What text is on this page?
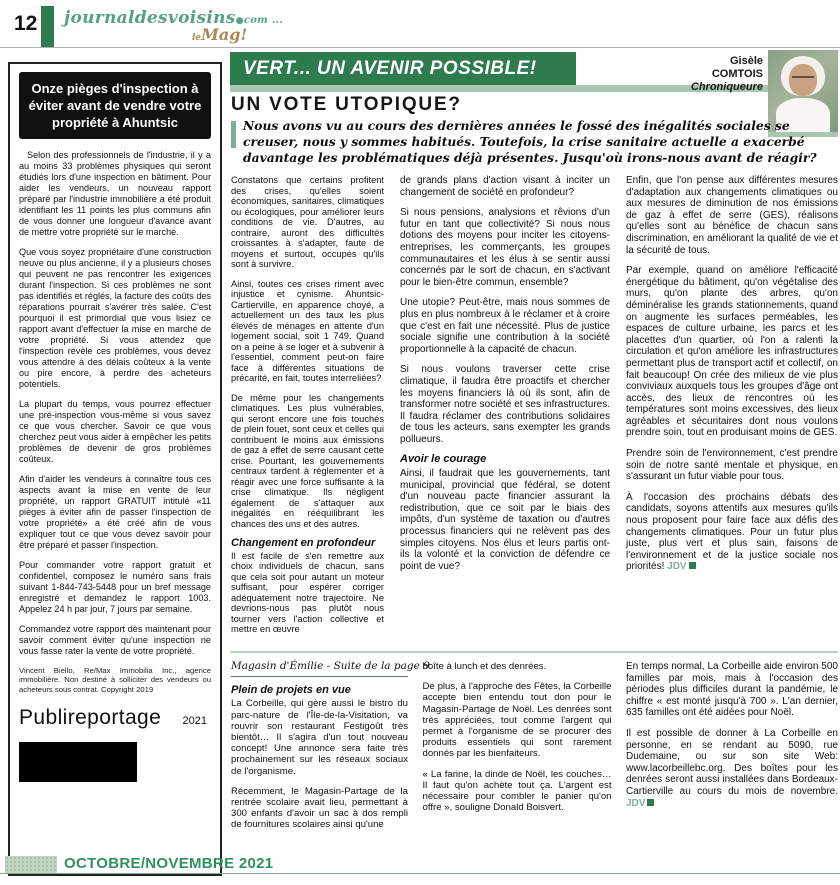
12 journaldesvoisins●com ...
leMag!
Onze pièges d'inspection à éviter avant de vendre votre propriété à Ahuntsic

Selon des professionnels de l'industrie, il y a au moins 33 problèmes physiques qui seront étudiés lors d'une inspection en bâtiment. Pour aider les vendeurs, un nouveau rapport préparé par l'industrie immobilière a été produit identifiant les 11 points les plus communs afin de vous donner une longueur d'avance avant de mettre votre propriété sur le marché.

Que vous soyez propriétaire d'une construction neuve ou plus ancienne, il y a plusieurs choses qui peuvent ne pas rencontrer les exigences durant l'inspection. Si ces problèmes ne sont pas identifiés et réglés, la facture des coûts des réparations pourrait s'avérer très salée. C'est pourquoi il est primordial que vous lisiez ce rapport avant d'effectuer la mise en marché de votre propriété. Si vous attendez que l'inspection révèle ces problèmes, vous devez vous attendre à des délais coûteux à la vente ou pire encore, à perdre des acheteurs potentiels.

La plupart du temps, vous pourrez effectuer une pré-inspection vous-même si vous savez ce que vous chercher. Savoir ce que vous cherchez peut vous aider à empêcher les petits problèmes de devenir de gros problèmes coûteux.

Afin d'aider les vendeurs à connaître tous ces aspects avant la mise en vente de leur propriété, un rapport GRATUIT intitulé «11 pièges à éviter afin de passer l'inspection de votre propriété» a été créé afin de vous expliquer tout ce que vous devez savoir pour être préparé et passer l'inspection.

Pour commander votre rapport gratuit et confidentiel, composez le numéro sans frais suivant 1-844-743-5448 pour un bref message enregistré et demandez le rapport 1003. Appelez 24 h par jour, 7 jours par semaine.

Commandez votre rapport dès maintenant pour savoir comment éviter qu'une inspection ne vous fasse rater la vente de votre propriété.

Vincent Biello, Re/Max Immobilia Inc., agence immobilière. Non destiné à solliciter des vendeurs ou acheteurs sous contrat. Copyright 2019

Publireportage 2021
VERT... UN AVENIR POSSIBLE!	Gisèle
COMTOIS
Chroniqueure
UN VOTE UTOPIQUE?
Nous avons vu au cours des dernières années le fossé des inégalités sociales se creuser, nous y sommes habitués. Toutefois, la crise sanitaire actuelle a exacerbé davantage les problématiques déjà présentes. Jusqu'où irons-nous avant de réagir?

Constatons que certains profitent des crises, qu'elles soient économiques, sanitaires, climatiques ou écologiques, pour améliorer leurs conditions de vie. D'autres, au contraire, auront des difficultés croissantes à s'adapter, faute de moyens et surtout, occupés qu'ils sont à survivre.

Ainsi, toutes ces crises riment avec injustice et cynisme. Ahuntsic-Cartierville, en apparence choyé, a actuellement un des taux les plus élevés de ménages en attente d'un logement social, soit 1 749. Quand on a peine à se loger et à subvenir à l'essentiel, comment peut-on faire face à différentes situations de précarité, en fait, toutes interreliées?

De même pour les changements climatiques. Les plus vulnérables, qui seront encore une fois touchés de plein fouet, sont ceux et celles qui contribuent le moins aux émissions de gaz à effet de serre causant cette crise. Pourtant, les gouvernements centraux tardent à réglementer et à réagir avec une force suffisante à la crise climatique. Ils négligent également de s'attaquer aux inégalités en rééquilibrant les chances des uns et des autres.

Changement en profondeur

Il est facile de s'en remettre aux choix individuels de chacun, sans que cela soit pour autant un moteur suffisant, pour espérer corriger adéquatement notre trajectoire. Ne devrions-nous pas plutôt nous tourner vers l'action collective et mettre en œuvre

de grands plans d'action visant à inciter un changement de société en profondeur?

Si nous pensions, analysions et rêvions d'un futur en tant que collectivité? Si nous nous dotions des moyens pour inciter les citoyens-entreprises, les commerçants, les groupes communautaires et les élus à se sentir aussi concernés par le sort de chacun, en s'activant pour le bien-être commun, ensemble?

Une utopie? Peut-être, mais nous sommes de plus en plus nombreux à le réclamer et à croire que c'est en fait une nécessité. Plus de justice sociale signifie une contribution à la société proportionnelle à la capacité de chacun.

Si nous voulons traverser cette crise climatique, il faudra être proactifs et chercher les moyens financiers là où ils sont, afin de transformer notre société et ses infrastructures. Il faudra réclamer des contributions solidaires de tous les acteurs, sans exempter les grands pollueurs.

Avoir le courage

Ainsi, il faudrait que les gouvernements, tant municipal, provincial que fédéral, se dotent d'un nouveau pacte financier assurant la redistribution, que ce soit par le biais des impôts, d'un système de taxation ou d'autres processus financiers qui ne relèvent pas des simples citoyens. Nos élus et leurs partis ont-ils la volonté et la conviction de défendre ce point de vue?

Enfin, que l'on pense aux différentes mesures d'adaptation aux changements climatiques ou aux mesures de diminution de nos émissions de gaz à effet de serre (GES), réalisons qu'elles sont au bénéfice de chacun sans discrimination, en améliorant la qualité de vie et la sécurité de tous.

Par exemple, quand on améliore l'efficacité énergétique du bâtiment, qu'on végétalise des murs, qu'on plante des arbres, qu'on déminéralise les grands stationnements, quand on augmente les surfaces perméables, les espaces de culture urbaine, les parcs et les placettes d'un quartier, où l'on a ralenti la circulation et qu'on améliore les infrastructures permettant plus de transport actif et collectif, on fait beaucoup! On crée des milieux de vie plus conviviaux auxquels tous les groupes d'âge ont accès, des lieux de rencontres où les températures sont moins excessives, des lieux agréables et sécuritaires dont nous voulons prendre soin, tout en produisant moins de GES.

Prendre soin de l'environnement, c'est prendre soin de notre santé mentale et physique, en s'assurant un futur viable pour tous.

À l'occasion des prochains débats des candidats, soyons attentifs aux mesures qu'ils nous proposent pour faire face aux défis des changements climatiques. Pour un futur plus juste, plus vert et plus sain, faisons de l'environnement et de la justice sociale nos priorités! JDV

Magasin d'Émilie - Suite de la page 9
Plein de projets en vue

La Corbeille, qui gère aussi le bistro du parc-nature de l'Île-de-la-Visitation, va rouvrir son restaurant Festigoût très bientôt… Il s'agira d'un tout nouveau concept! Une annonce sera faite très prochainement sur les réseaux sociaux de l'organisme.

Récemment, le Magasin-Partage de la rentrée scolaire avait lieu, permettant à 300 enfants d'avoir un sac à dos rempli de fournitures scolaires ainsi qu'une

boîte à lunch et des denrées.

De plus, à l'approche des Fêtes, la Corbeille accepte bien entendu tout don pour le Magasin-Partage de Noël. Les denrées sont très appréciées, tout comme l'argent qui permet à l'organisme de se procurer des produits essentiels qui sont rarement donnés par les bienfaiteurs.

« La farine, la dinde de Noël, les couches… Il faut qu'on achète tout ça. L'argent est nécessaire pour combler le panier qu'on offre », souligne Donald Boisvert.

En temps normal, La Corbeille aide environ 500 familles par mois, mais à l'occasion des périodes plus difficiles durant la pandémie, le chiffre « est monté jusqu'à 700 ». L'an dernier, 635 familles ont été aidées pour Noël.

Il est possible de donner à La Corbeille en personne, en se rendant au 5090, rue Dudemaine, ou sur son site Web: www.lacorbeillebc.org. Des boîtes pour les denrées seront aussi installées dans Bordeaux-Cartierville au cours du mois de novembre. JDV

OCTOBRE/NOVEMBRE 2021
